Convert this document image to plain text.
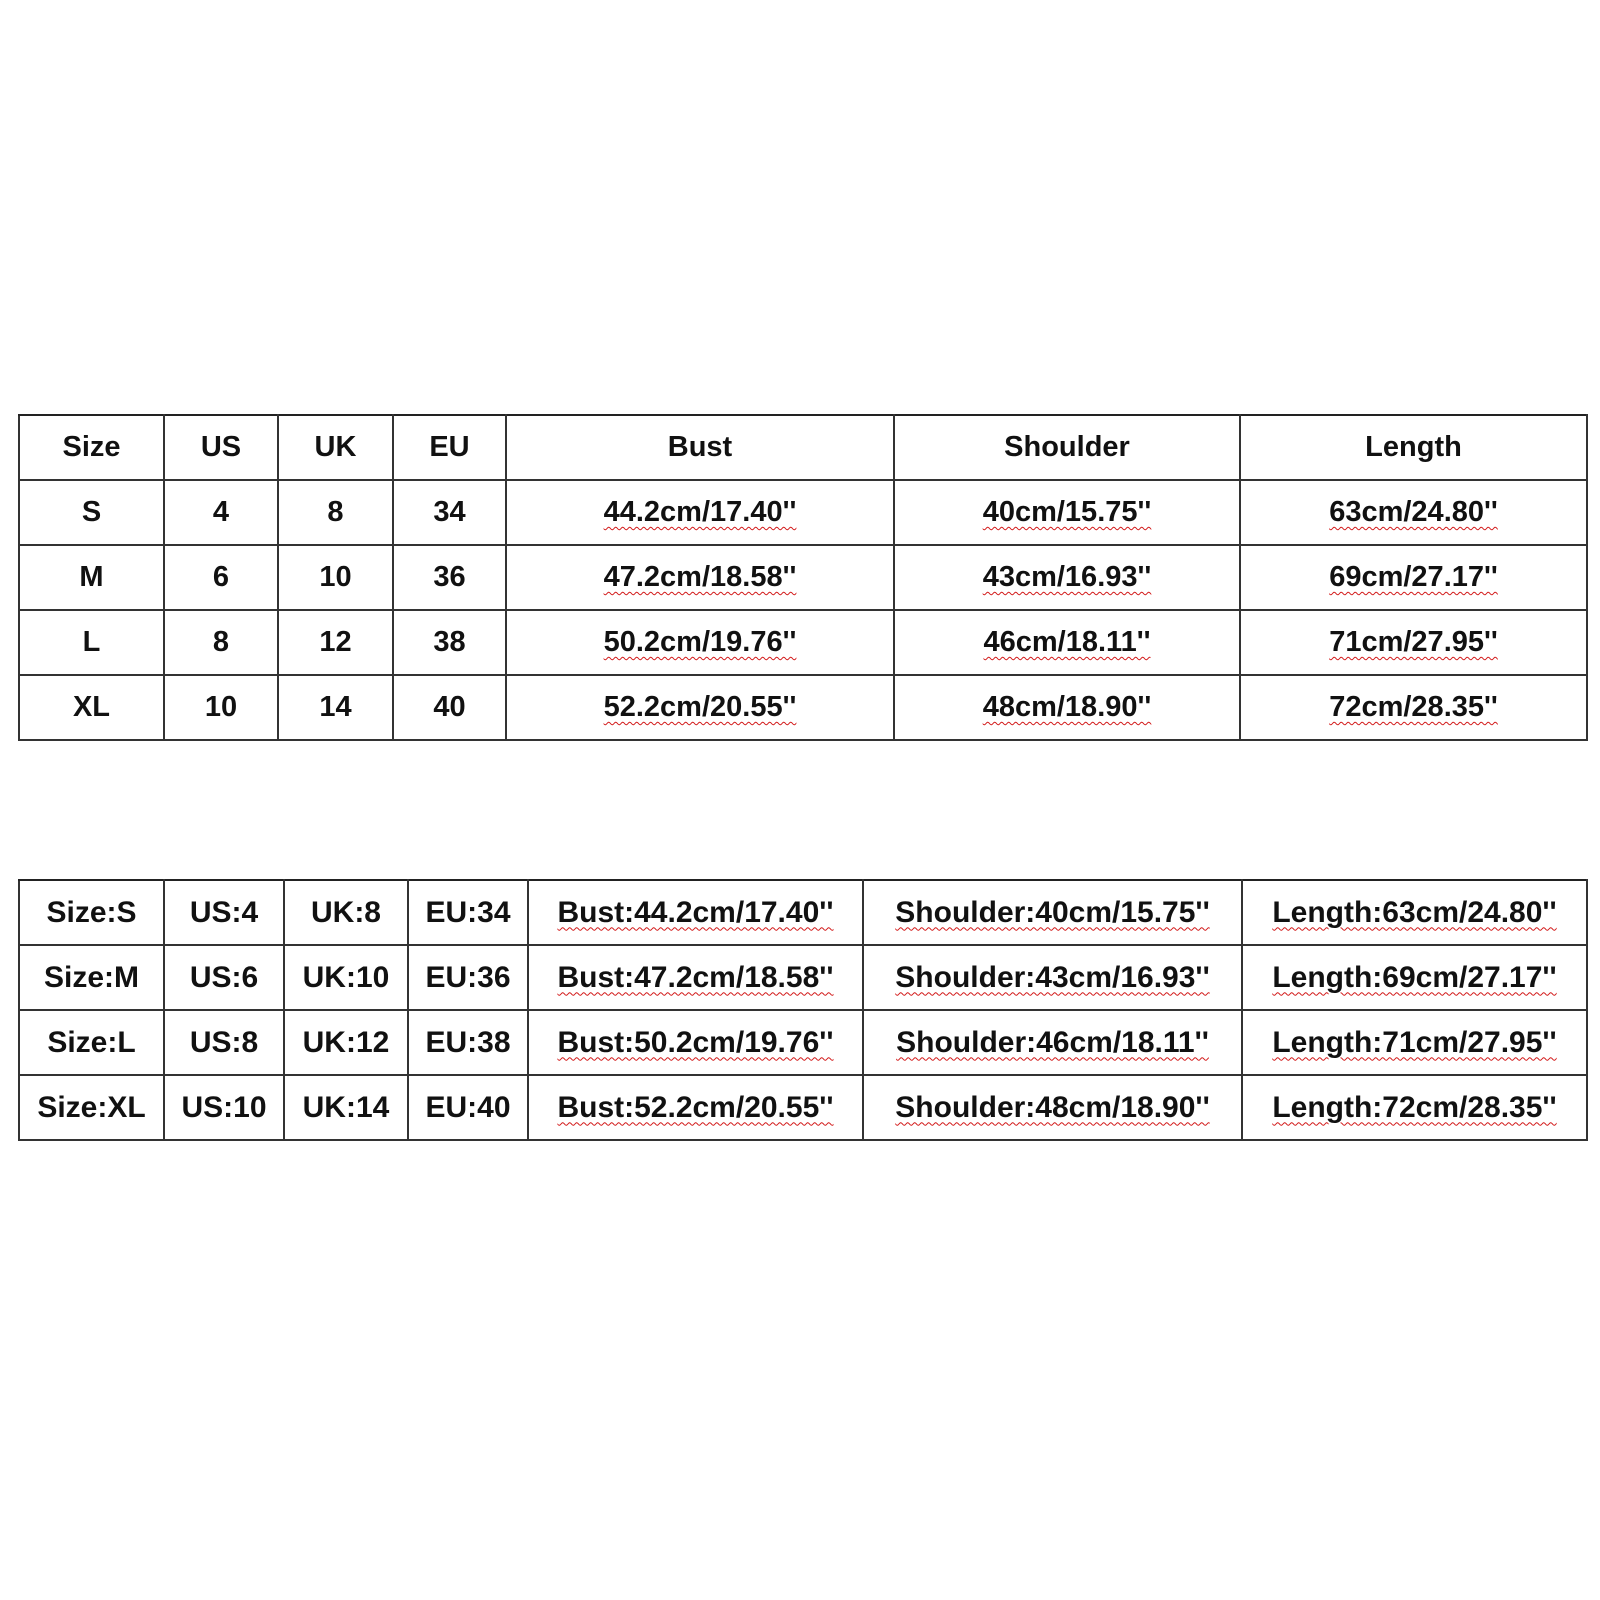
Size	US	UK	EU	Bust	Shoulder	Length
S	4	8	34	44.2cm/17.40''	40cm/15.75''	63cm/24.80''
M	6	10	36	47.2cm/18.58''	43cm/16.93''	69cm/27.17''
L	8	12	38	50.2cm/19.76''	46cm/18.11''	71cm/27.95''
XL	10	14	40	52.2cm/20.55''	48cm/18.90''	72cm/28.35''
Size:S	US:4	UK:8	EU:34	Bust:44.2cm/17.40''	Shoulder:40cm/15.75''	Length:63cm/24.80''
Size:M	US:6	UK:10	EU:36	Bust:47.2cm/18.58''	Shoulder:43cm/16.93''	Length:69cm/27.17''
Size:L	US:8	UK:12	EU:38	Bust:50.2cm/19.76''	Shoulder:46cm/18.11''	Length:71cm/27.95''
Size:XL	US:10	UK:14	EU:40	Bust:52.2cm/20.55''	Shoulder:48cm/18.90''	Length:72cm/28.35''
